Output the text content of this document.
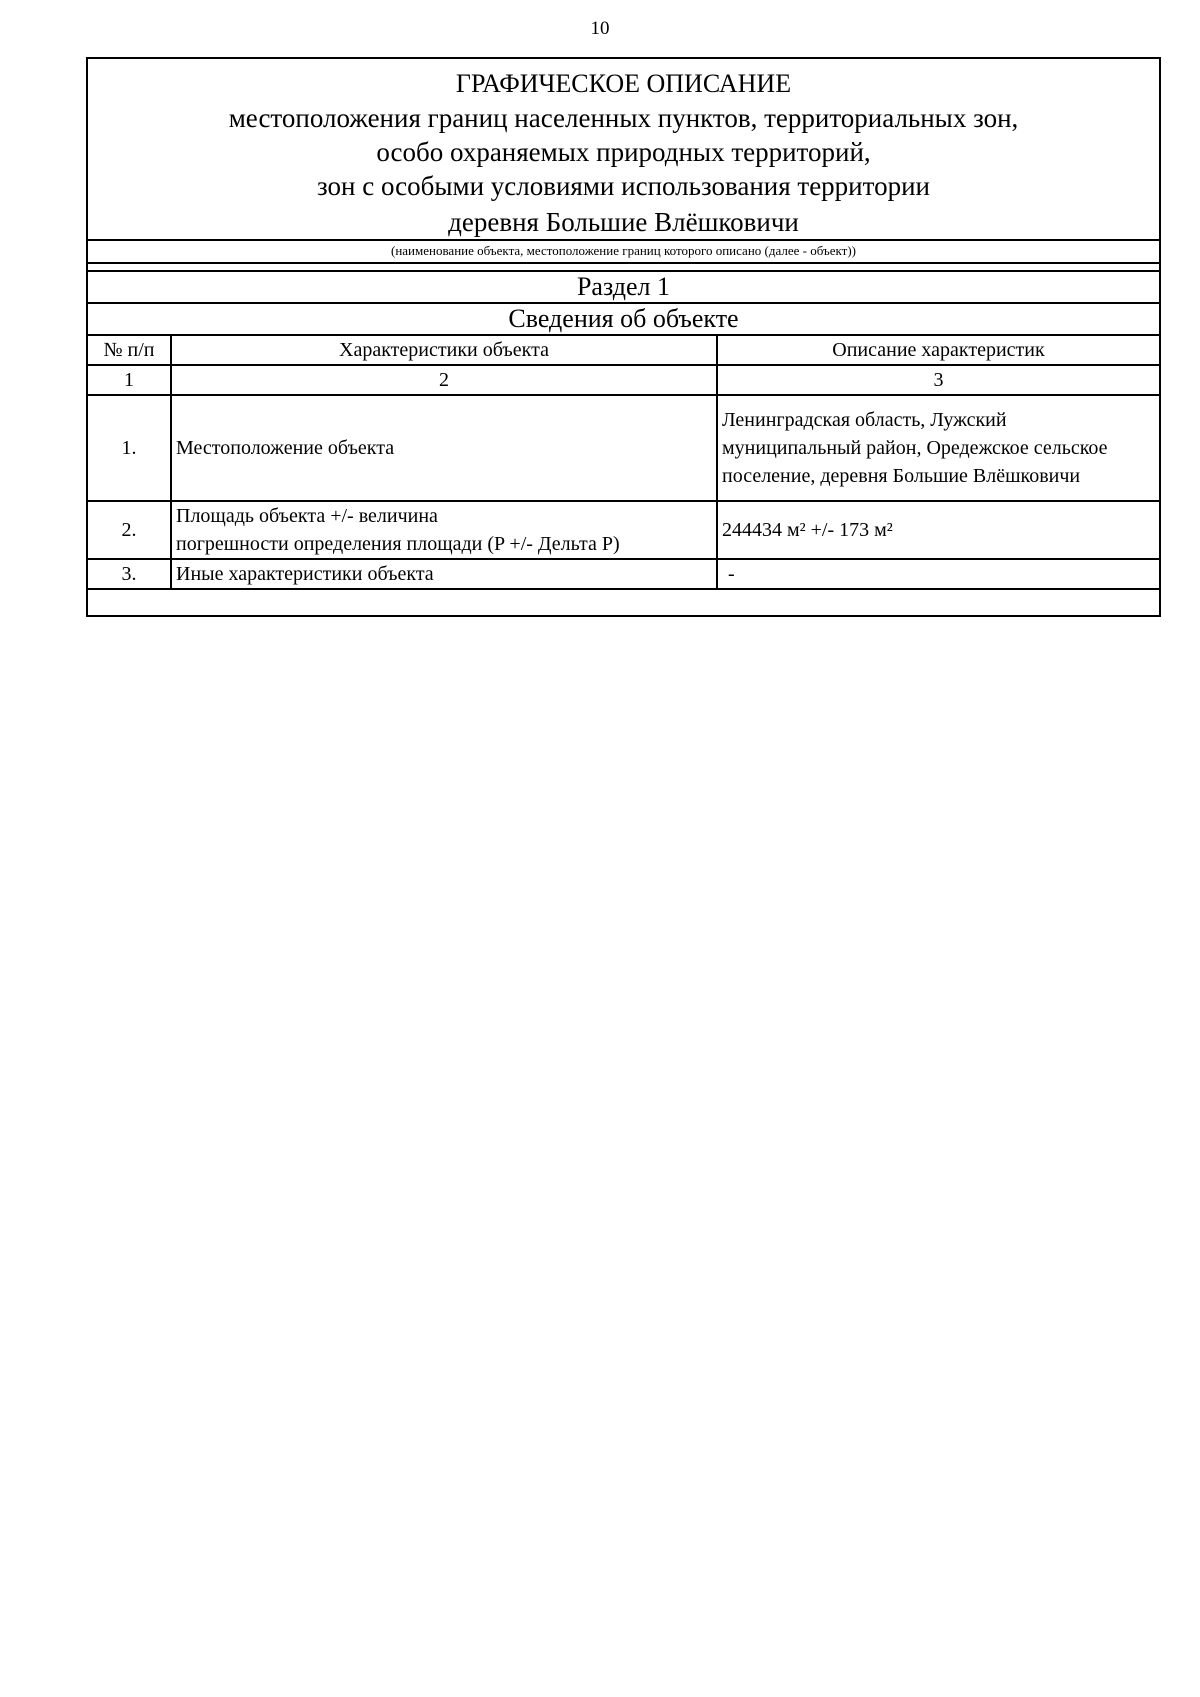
10
ГРАФИЧЕСКОЕ ОПИСАНИЕ
местоположения границ населенных пунктов, территориальных зон,
особо охраняемых природных территорий,
зон с особыми условиями использования территории
деревня Большие Влёшковичи
(наименование объекта, местоположение границ которого описано (далее - объект))
Раздел 1
Сведения об объекте
№ п/п	Характеристики объекта	Описание характеристик
1	2	3
1.	Местоположение объекта	Ленинградская область, Лужский
муниципальный район, Оредежское сельское
поселение, деревня Большие Влёшковичи

2.	Площадь объекта +/- величина
погрешности определения площади (P +/- Дельта P)	244434 м² +/- 173 м²
3.	Иные характеристики объекта	-
